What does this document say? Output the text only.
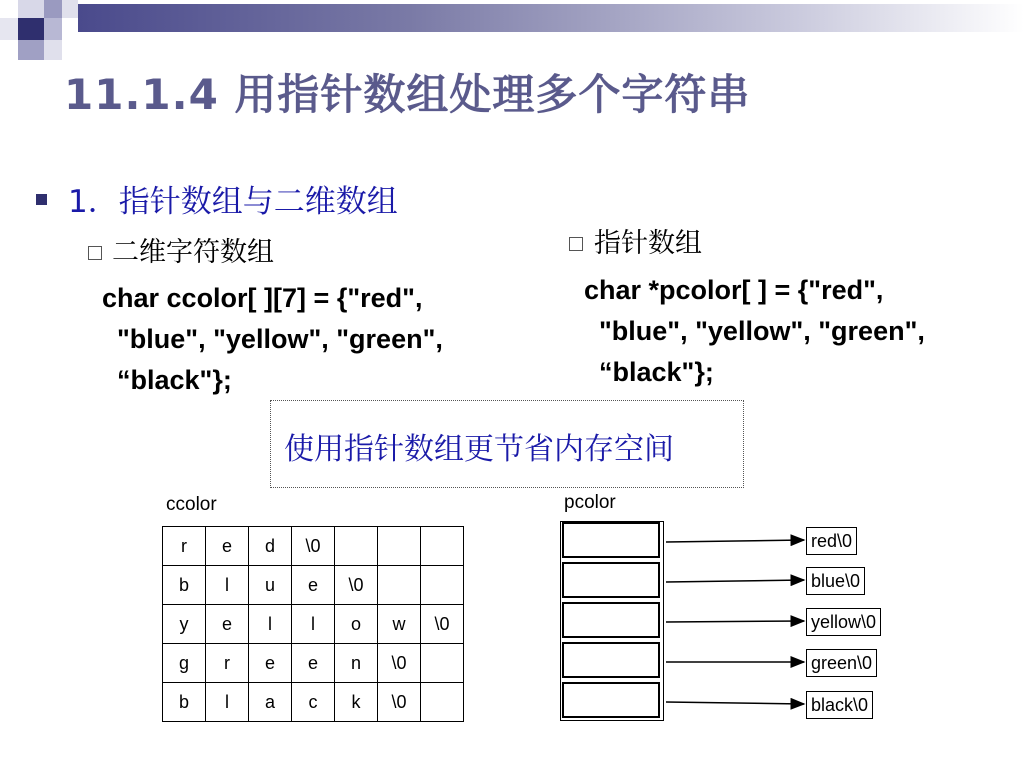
11.1.4 用指针数组处理多个字符串
1．指针数组与二维数组
二维字符数组
char ccolor[ ][7] = {"red",
"blue", "yellow", "green",
“black"};
指针数组
char *pcolor[ ] = {"red",
"blue", "yellow", "green",
“black"};
使用指针数组更节省内存空间
ccolor
r	e	d	\0			
b	l	u	e	\0		
y	e	l	l	o	w	\0
g	r	e	e	n	\0	
b	l	a	c	k	\0	
pcolor
red\0
blue\0
yellow\0
green\0
black\0
